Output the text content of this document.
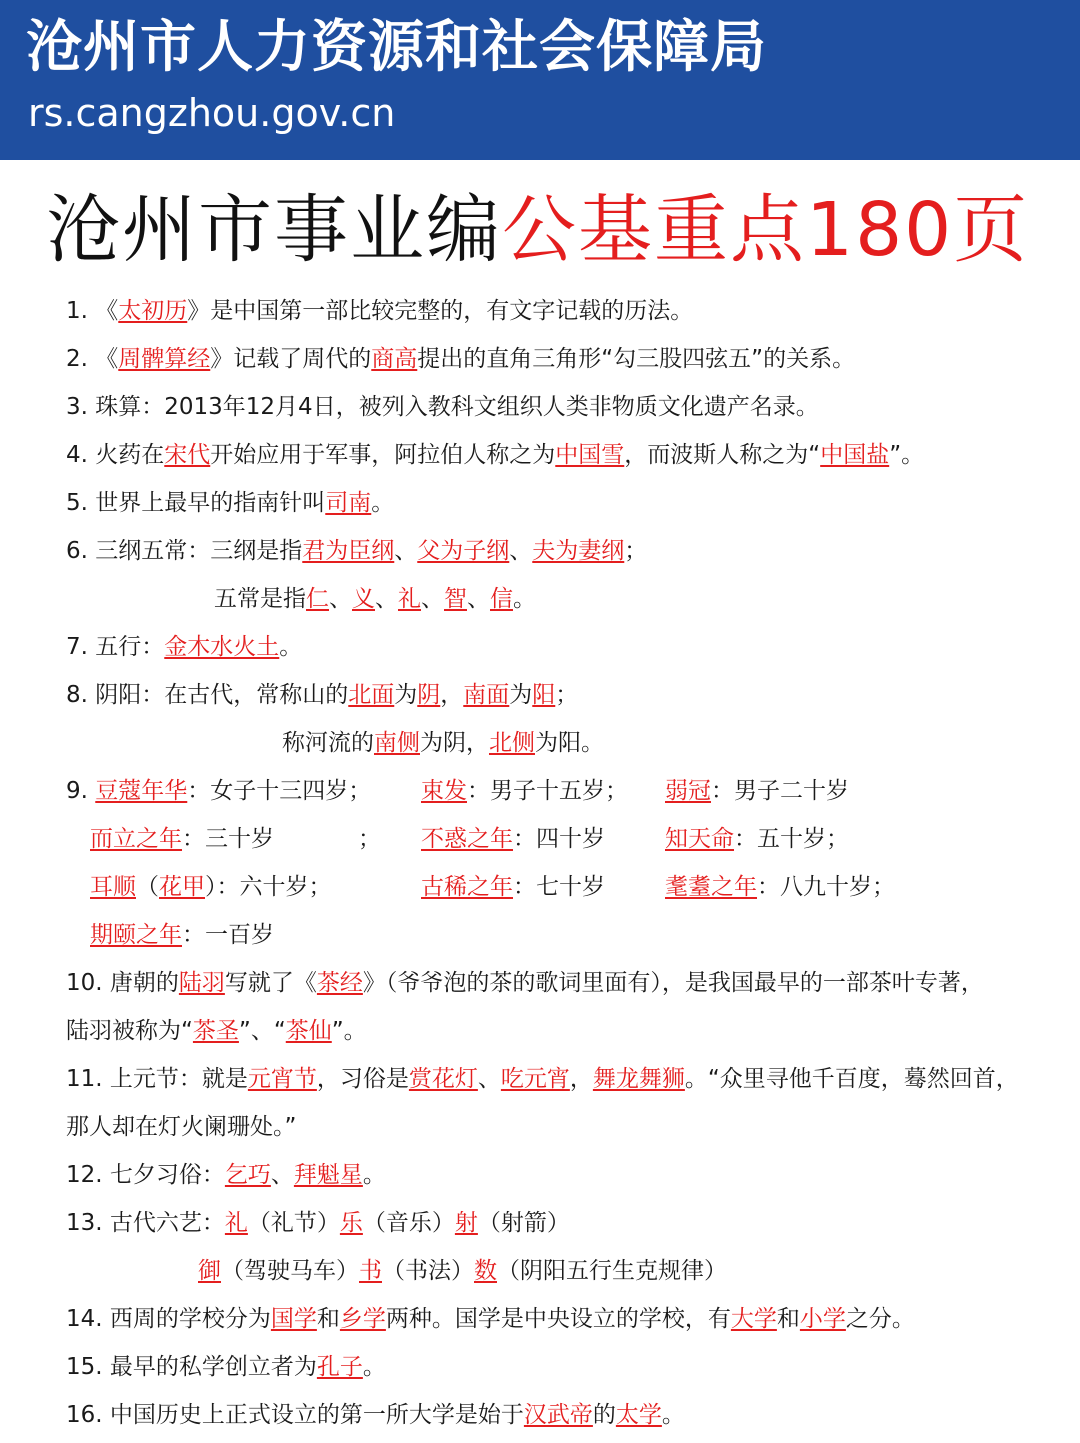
沧州市人力资源和社会保障局
rs.cangzhou.gov.cn
沧州市事业编公基重点180页
1. 《太初历》是中国第一部比较完整的，有文字记载的历法。
2. 《周髀算经》记载了周代的商高提出的直角三角形“勾三股四弦五”的关系。
3. 珠算：2013年12月4日，被列入教科文组织人类非物质文化遗产名录。
4. 火药在宋代开始应用于军事，阿拉伯人称之为中国雪，而波斯人称之为“中国盐”。
5. 世界上最早的指南针叫司南。
6. 三纲五常：三纲是指君为臣纲、父为子纲、夫为妻纲；
五常是指仁、义、礼、智、信。
7. 五行：金木水火土。
8. 阴阳：在古代，常称山的北面为阴，南面为阳；
称河流的南侧为阴，北侧为阳。
9. 豆蔻年华：女子十三四岁； 束发：男子十五岁； 弱冠：男子二十岁
而立之年：三十岁	； 不惑之年：四十岁	知天命：五十岁；
耳顺（花甲）：六十岁；	古稀之年：七十岁	耄耋之年：八九十岁；
期颐之年：一百岁
10. 唐朝的陆羽写就了《茶经》（爷爷泡的茶的歌词里面有），是我国最早的一部茶叶专著，
陆羽被称为“茶圣”、“茶仙”。
11. 上元节：就是元宵节，习俗是赏花灯、吃元宵，舞龙舞狮。“众里寻他千百度，蓦然回首，
那人却在灯火阑珊处。”
12. 七夕习俗：乞巧、拜魁星。
13. 古代六艺：礼（礼节）乐（音乐）射（射箭）
御（驾驶马车）书（书法）数（阴阳五行生克规律）
14. 西周的学校分为国学和乡学两种。国学是中央设立的学校，有大学和小学之分。
15. 最早的私学创立者为孔子。
16. 中国历史上正式设立的第一所大学是始于汉武帝的太学。
